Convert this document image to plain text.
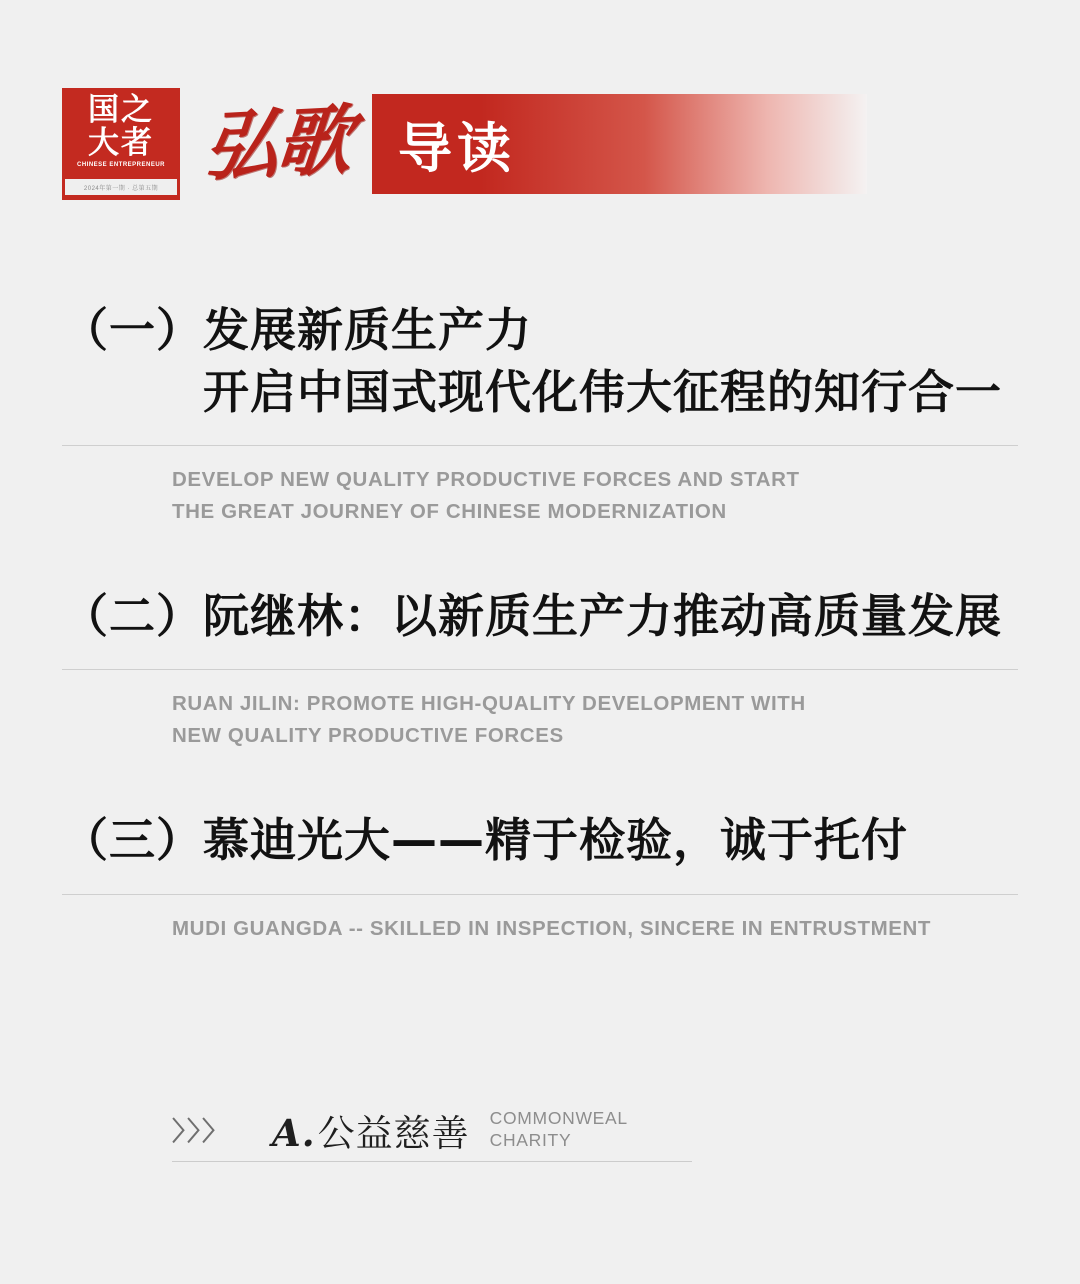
国之
大者
CHINESE ENTREPRENEUR
2024年第一期 · 总第五期 弘歌 导读
（一） 发展新质生产力
开启中国式现代化伟大征程的知行合一
DEVELOP NEW QUALITY PRODUCTIVE FORCES AND START
THE GREAT JOURNEY OF CHINESE MODERNIZATION
（二） 阮继林：以新质生产力推动高质量发展
RUAN JILIN: PROMOTE HIGH-QUALITY DEVELOPMENT WITH
NEW QUALITY PRODUCTIVE FORCES
（三） 慕迪光大——精于检验，诚于托付
MUDI GUANGDA -- SKILLED IN INSPECTION, SINCERE IN ENTRUSTMENT
〉〉〉 A.公益慈善 COMMONWEAL
CHARITY
